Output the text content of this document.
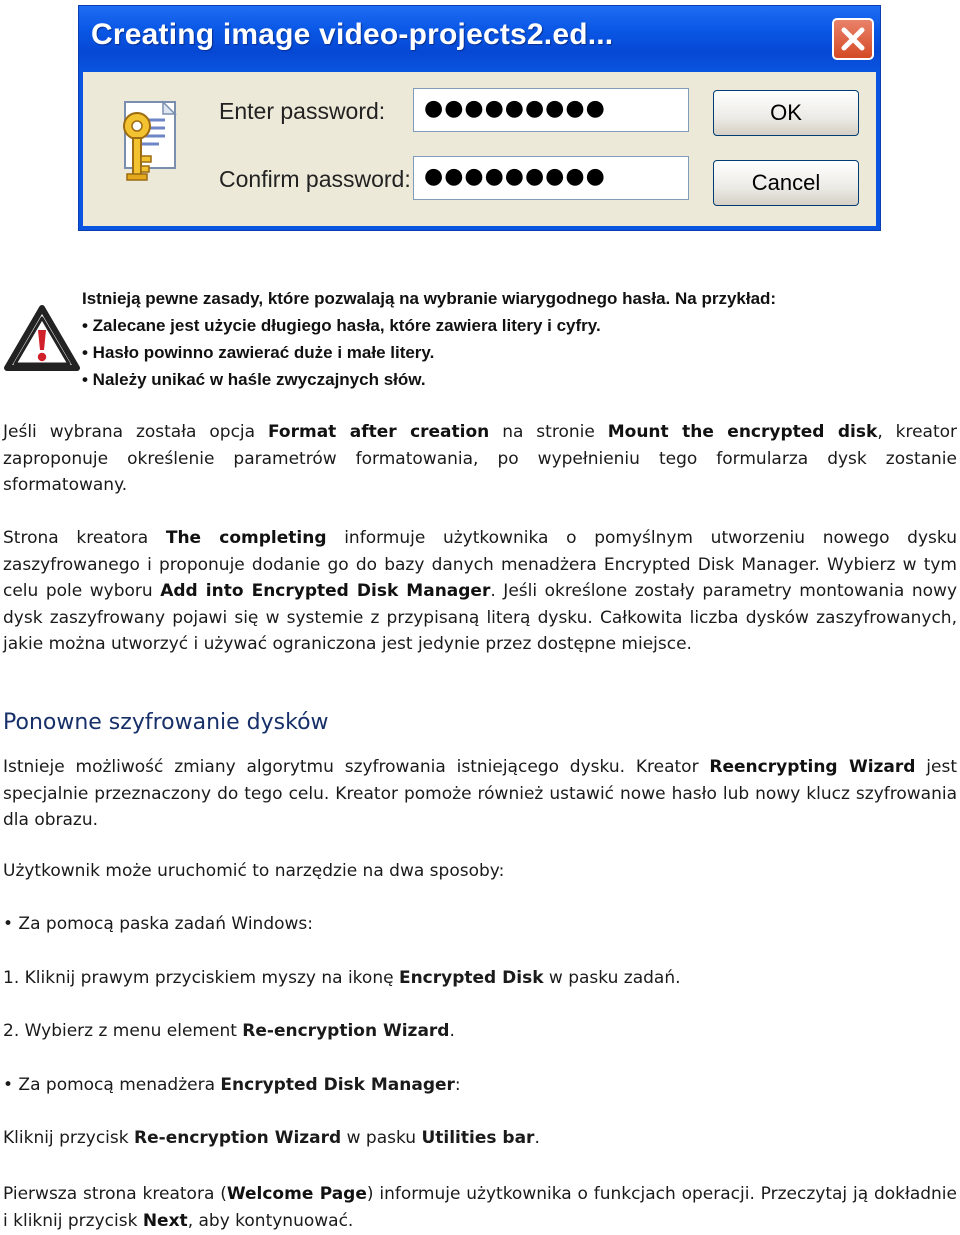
Creating image video-projects2.ed...
Enter password:	●●●●●●●●●
Confirm password: ●●●●●●●●●
OK
Cancel
Istnieją pewne zasady, które pozwalają na wybranie wiarygodnego hasła. Na przykład:
• Zalecane jest użycie długiego hasła, które zawiera litery i cyfry.
• Hasło powinno zawierać duże i małe litery.
• Należy unikać w haśle zwyczajnych słów.
Jeśli wybrana została opcja Format after creation na stronie Mount the encrypted disk, kreator zaproponuje określenie parametrów formatowania, po wypełnieniu tego formularza dysk zostanie sformatowany.
Strona kreatora The completing informuje użytkownika o pomyślnym utworzeniu nowego dysku zaszyfrowanego i proponuje dodanie go do bazy danych menadżera Encrypted Disk Manager. Wybierz w tym celu pole wyboru Add into Encrypted Disk Manager. Jeśli określone zostały parametry montowania nowy dysk zaszyfrowany pojawi się w systemie z przypisaną literą dysku. Całkowita liczba dysków zaszyfrowanych, jakie można utworzyć i używać ograniczona jest jedynie przez dostępne miejsce.
Ponowne szyfrowanie dysków
Istnieje możliwość zmiany algorytmu szyfrowania istniejącego dysku. Kreator Reencrypting Wizard jest specjalnie przeznaczony do tego celu. Kreator pomoże również ustawić nowe hasło lub nowy klucz szyfrowania dla obrazu.
Użytkownik może uruchomić to narzędzie na dwa sposoby:
• Za pomocą paska zadań Windows:
1. Kliknij prawym przyciskiem myszy na ikonę Encrypted Disk w pasku zadań.
2. Wybierz z menu element Re-encryption Wizard.
• Za pomocą menadżera Encrypted Disk Manager:
Kliknij przycisk Re-encryption Wizard w pasku Utilities bar.
Pierwsza strona kreatora (Welcome Page) informuje użytkownika o funkcjach operacji. Przeczytaj ją dokładnie i kliknij przycisk Next, aby kontynuować.
